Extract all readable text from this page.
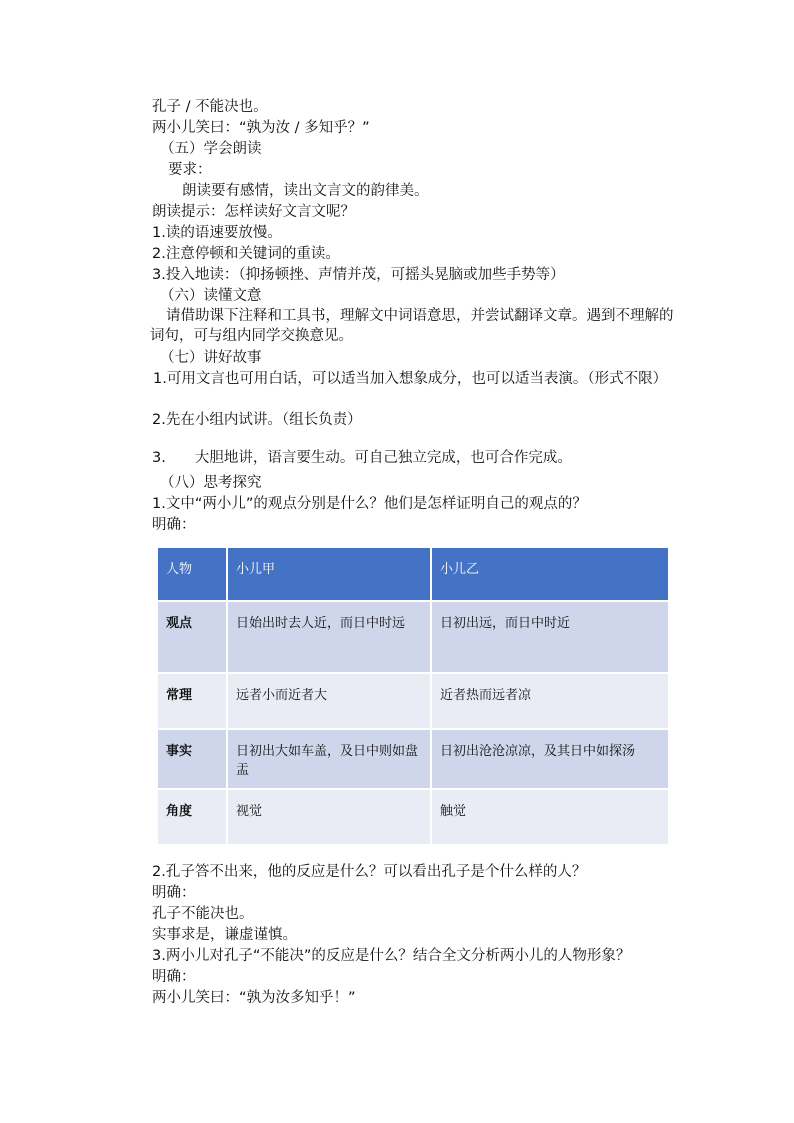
孔子 / 不能决也。
两小儿笑曰：“孰为汝 / 多知乎？”
（五）学会朗读
要求：
朗读要有感情，读出文言文的韵律美。
朗读提示：怎样读好文言文呢？
1.读的语速要放慢。
2.注意停顿和关键词的重读。
3.投入地读：（抑扬顿挫、声情并茂，可摇头晃脑或加些手势等）
（六）读懂文意
请借助课下注释和工具书，理解文中词语意思，并尝试翻译文章。遇到不理解的词句，可与组内同学交换意见。
（七）讲好故事
1.可用文言也可用白话，可以适当加入想象成分，也可以适当表演。（形式不限）
2.先在小组内试讲。（组长负责）
3.　　大胆地讲，语言要生动。可自己独立完成，也可合作完成。
（八）思考探究
1.文中“两小儿”的观点分别是什么？他们是怎样证明自己的观点的？
明确：
人物	小儿甲	小儿乙
观点	日始出时去人近，而日中时远	日初出远，而日中时近
常理	远者小而近者大	近者热而远者凉
事实	日初出大如车盖，及日中则如盘盂	日初出沧沧凉凉，及其日中如探汤
角度	视觉	触觉
2.孔子答不出来，他的反应是什么？可以看出孔子是个什么样的人？
明确：
孔子不能决也。
实事求是，谦虚谨慎。
3.两小儿对孔子“不能决”的反应是什么？结合全文分析两小儿的人物形象？
明确：
两小儿笑曰：“孰为汝多知乎！”
